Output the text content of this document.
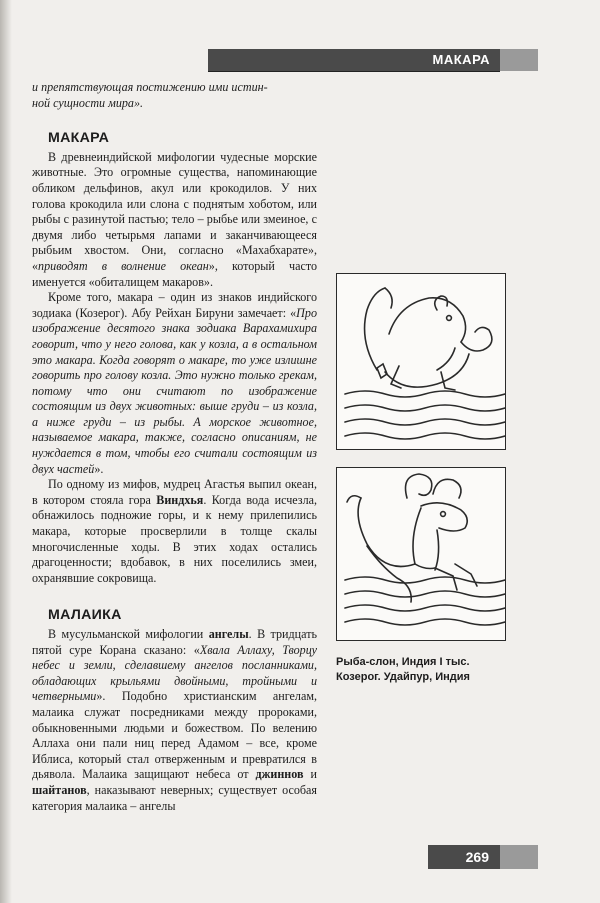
МАКАРА

и препятствующая постижению ими истин-
ной сущности мира».

МАКАРА

В древнеиндийской мифологии чудесные морские животные. Это огромные существа, напоминающие обликом дельфинов, акул или крокодилов. У них голова крокодила или слона с поднятым хоботом, или рыбы с разинутой пастью; тело – рыбье или змеиное, с двумя либо четырьмя лапами и заканчивающееся рыбьим хвостом. Они, согласно «Махабхарате», «приводят в волнение океан», который часто именуется «обиталищем макаров».

Кроме того, макара – один из знаков индийского зодиака (Козерог). Абу Рейхан Бируни замечает: «Про изображение десятого знака зодиака Варахамихира говорит, что у него голова, как у козла, а в остальном это макара. Когда говорят о макаре, то уже излишне говорить про голову козла. Это нужно только грекам, потому что они считают по изображение состоящим из двух животных: выше груди – из козла, а ниже груди – из рыбы. А морское животное, называемое макара, также, согласно описаниям, не нуждается в том, чтобы его считали состоящим из двух частей».

По одному из мифов, мудрец Агастья выпил океан, в котором стояла гора Виндхья. Когда вода исчезла, обнажилось подножие горы, и к нему прилепились макара, которые просверлили в толще скалы многочисленные ходы. В этих ходах остались драгоценности; вдобавок, в них поселились змеи, охранявшие сокровища.

МАЛАИКА

В мусульманской мифологии ангелы. В тридцать пятой суре Корана сказано: «Хвала Аллаху, Творцу небес и земли, сделавшему ангелов посланниками, обладающих крыльями двойными, тройными и четверными». Подобно христианским ангелам, малаика служат посредниками между пророками, обыкновенными людьми и божеством. По велению Аллаха они пали ниц перед Адамом – все, кроме Иблиса, который стал отверженным и превратился в дьявола. Малаика защищают небеса от джиннов и шайтанов, наказывают неверных; существует особая категория малаика – ангелы

Рыба-слон, Индия I тыс. Козерог. Удайпур, Индия
269
